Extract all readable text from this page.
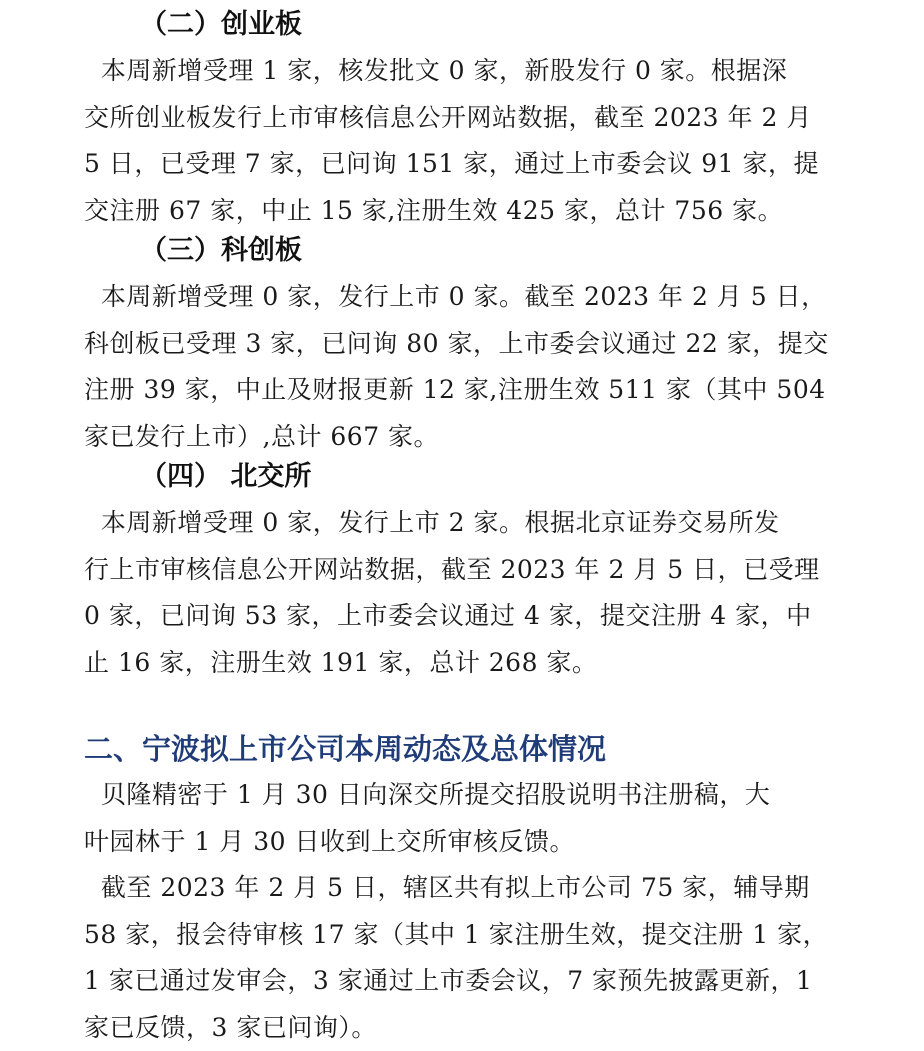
（二）创业板
本周新增受理 1 家，核发批文 0 家，新股发行 0 家。根据深
交所创业板发行上市审核信息公开网站数据，截至 2023 年 2 月
5 日，已受理 7 家，已问询 151 家，通过上市委会议 91 家，提
交注册 67 家，中止 15 家,注册生效 425 家，总计 756 家。
（三）科创板
本周新增受理 0 家，发行上市 0 家。截至 2023 年 2 月 5 日，
科创板已受理 3 家，已问询 80 家，上市委会议通过 22 家，提交
注册 39 家，中止及财报更新 12 家,注册生效 511 家（其中 504
家已发行上市）,总计 667 家。
（四） 北交所
本周新增受理 0 家，发行上市 2 家。根据北京证券交易所发
行上市审核信息公开网站数据，截至 2023 年 2 月 5 日，已受理
0 家，已问询 53 家，上市委会议通过 4 家，提交注册 4 家，中
止 16 家，注册生效 191 家，总计 268 家。
二、宁波拟上市公司本周动态及总体情况
贝隆精密于 1 月 30 日向深交所提交招股说明书注册稿，大
叶园林于 1 月 30 日收到上交所审核反馈。
截至 2023 年 2 月 5 日，辖区共有拟上市公司 75 家，辅导期
58 家，报会待审核 17 家（其中 1 家注册生效，提交注册 1 家，
1 家已通过发审会，3 家通过上市委会议，7 家预先披露更新，1
家已反馈，3 家已问询）。
